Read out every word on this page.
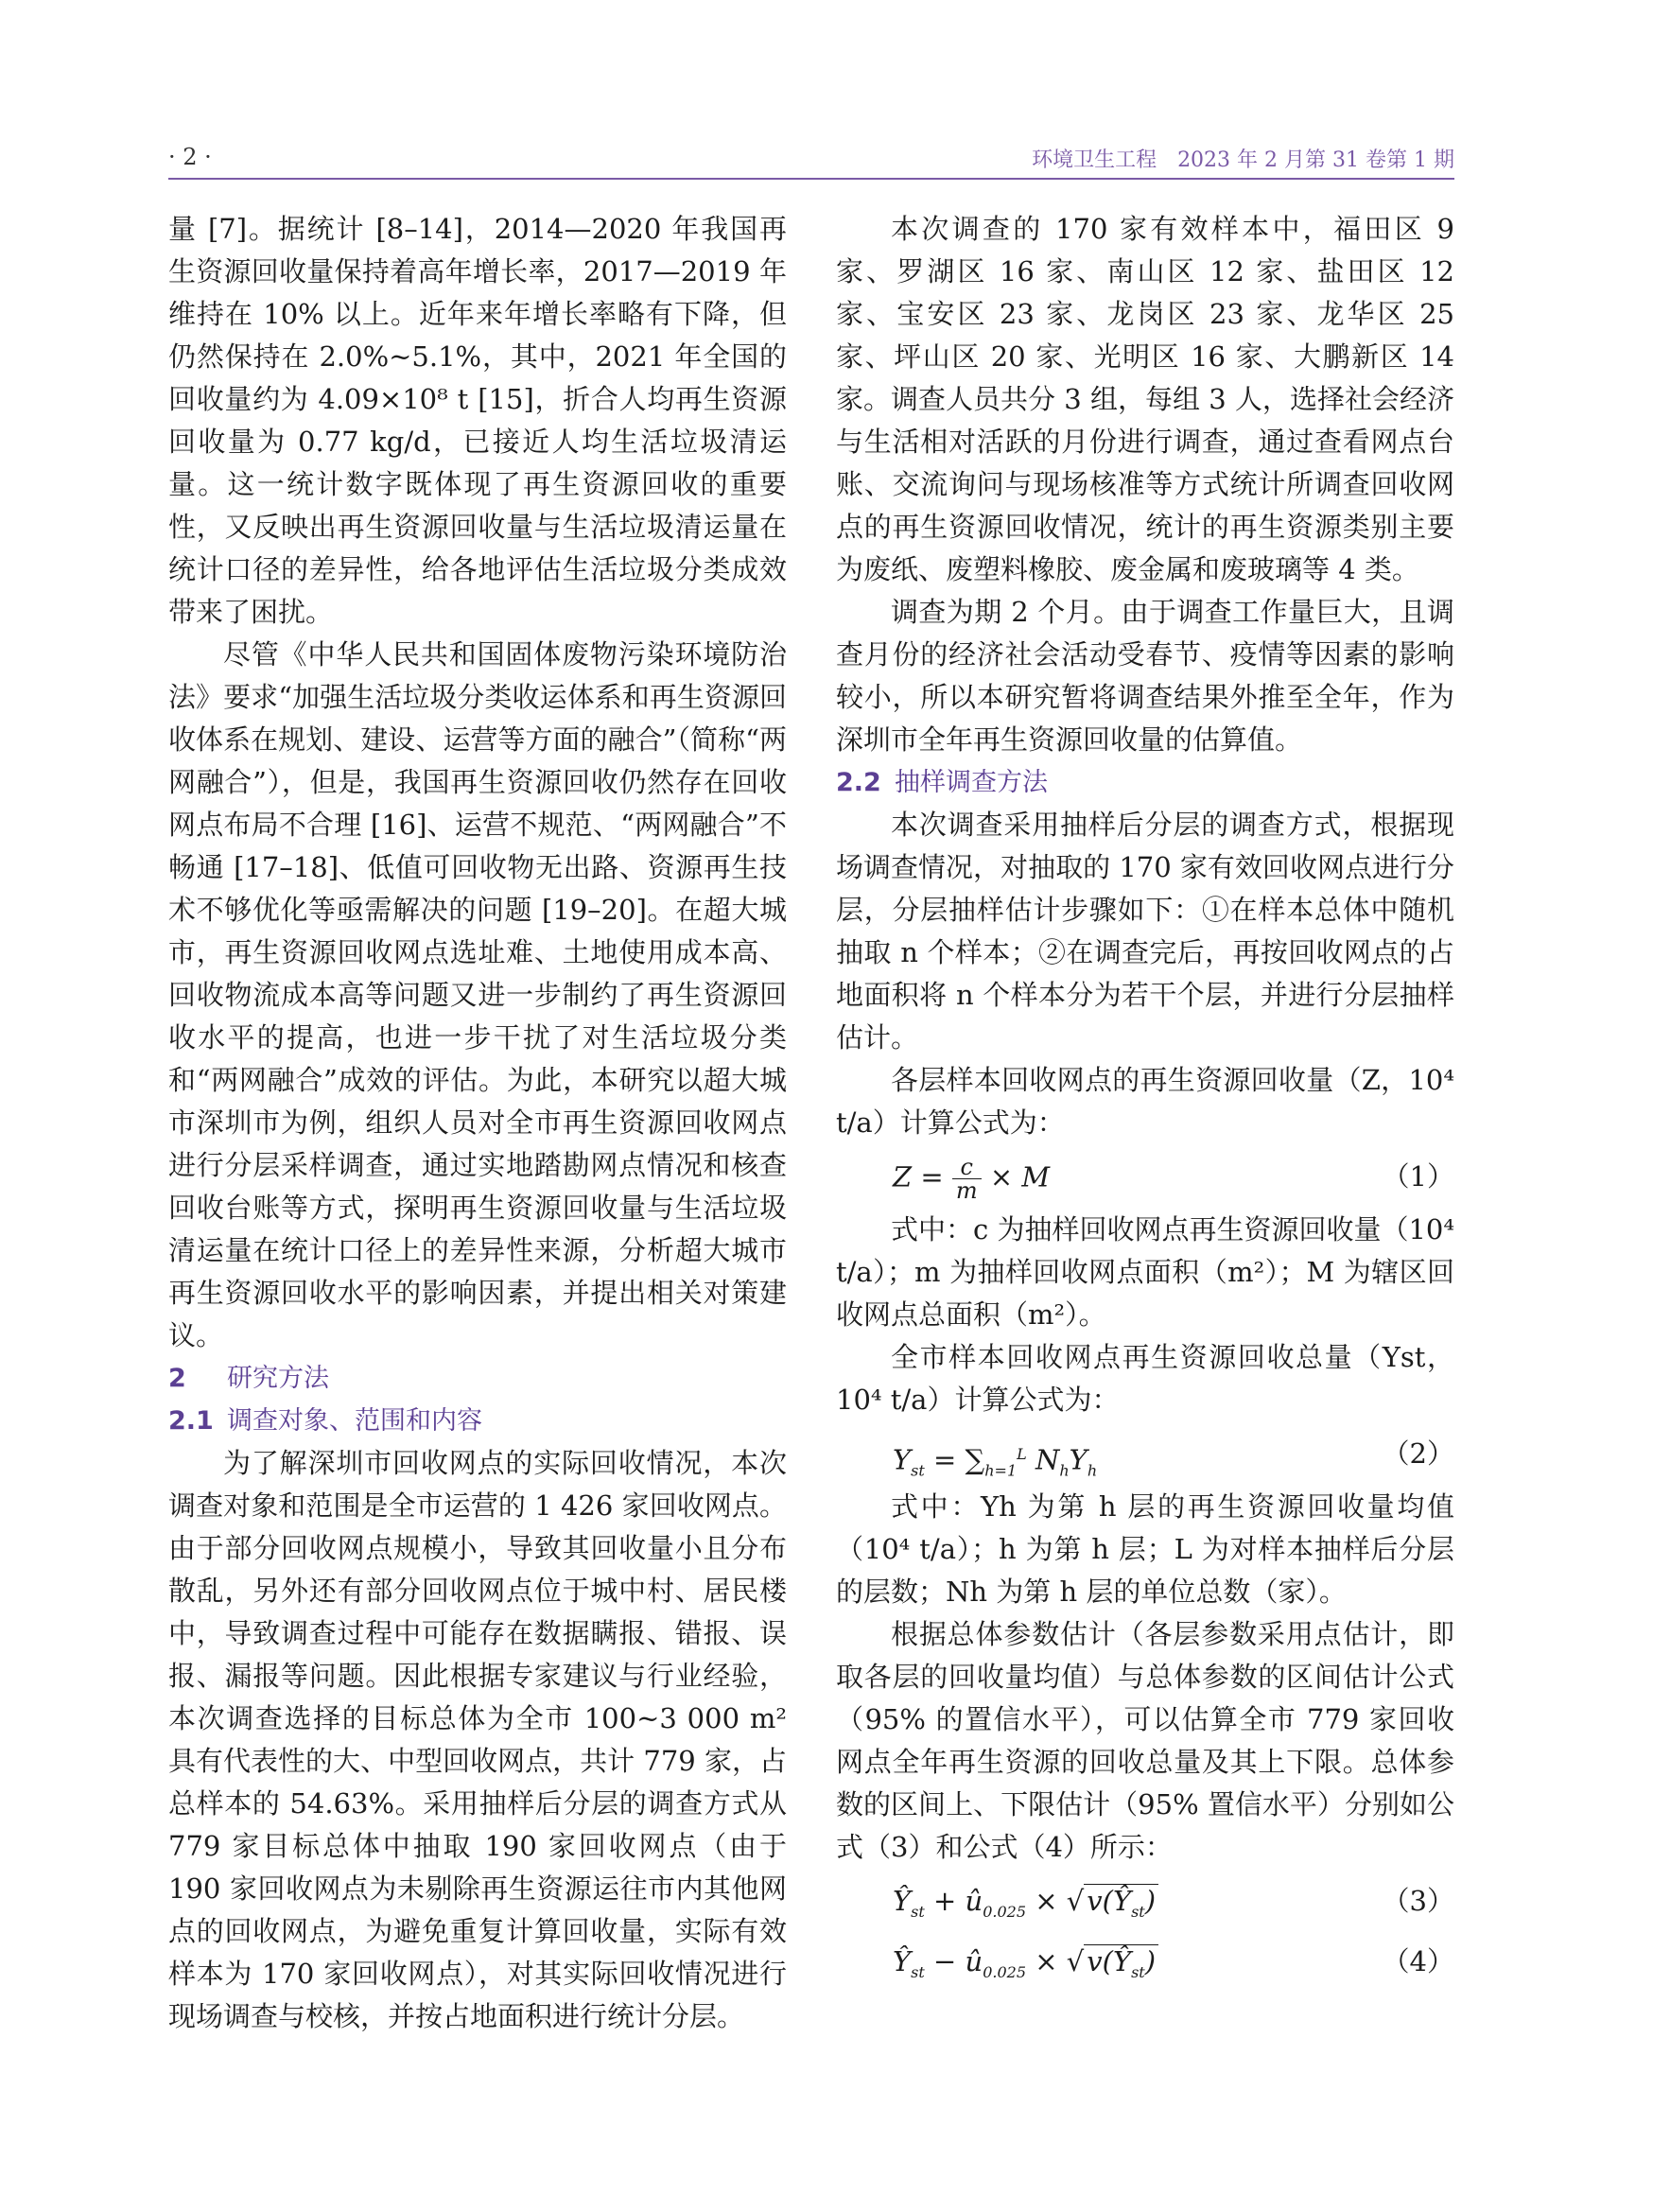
· 2 ·	环境卫生工程　2023 年 2 月第 31 卷第 1 期

量 [7]。据统计 [8–14]，2014—2020 年我国再生资源回收量保持着高年增长率，2017—2019 年维持在 10% 以上。近年来年增长率略有下降，但仍然保持在 2.0%~5.1%，其中，2021 年全国的回收量约为 4.09×10⁸ t [15]，折合人均再生资源回收量为 0.77 kg/d，已接近人均生活垃圾清运量。这一统计数字既体现了再生资源回收的重要性，又反映出再生资源回收量与生活垃圾清运量在统计口径的差异性，给各地评估生活垃圾分类成效带来了困扰。

尽管《中华人民共和国固体废物污染环境防治法》要求“加强生活垃圾分类收运体系和再生资源回收体系在规划、建设、运营等方面的融合”（简称“两网融合”），但是，我国再生资源回收仍然存在回收网点布局不合理 [16]、运营不规范、“两网融合”不畅通 [17–18]、低值可回收物无出路、资源再生技术不够优化等亟需解决的问题 [19–20]。在超大城市，再生资源回收网点选址难、土地使用成本高、回收物流成本高等问题又进一步制约了再生资源回收水平的提高，也进一步干扰了对生活垃圾分类和“两网融合”成效的评估。为此，本研究以超大城市深圳市为例，组织人员对全市再生资源回收网点进行分层采样调查，通过实地踏勘网点情况和核查回收台账等方式，探明再生资源回收量与生活垃圾清运量在统计口径上的差异性来源，分析超大城市再生资源回收水平的影响因素，并提出相关对策建议。

2 研究方法
2.1 调查对象、范围和内容

为了解深圳市回收网点的实际回收情况，本次调查对象和范围是全市运营的 1 426 家回收网点。由于部分回收网点规模小，导致其回收量小且分布散乱，另外还有部分回收网点位于城中村、居民楼中，导致调查过程中可能存在数据瞒报、错报、误报、漏报等问题。因此根据专家建议与行业经验，本次调查选择的目标总体为全市 100~3 000 m² 具有代表性的大、中型回收网点，共计 779 家，占总样本的 54.63%。采用抽样后分层的调查方式从 779 家目标总体中抽取 190 家回收网点（由于 190 家回收网点为未剔除再生资源运往市内其他网点的回收网点，为避免重复计算回收量，实际有效样本为 170 家回收网点），对其实际回收情况进行现场调查与校核，并按占地面积进行统计分层。

本次调查的 170 家有效样本中，福田区 9 家、罗湖区 16 家、南山区 12 家、盐田区 12 家、宝安区 23 家、龙岗区 23 家、龙华区 25 家、坪山区 20 家、光明区 16 家、大鹏新区 14 家。调查人员共分 3 组，每组 3 人，选择社会经济与生活相对活跃的月份进行调查，通过查看网点台账、交流询问与现场核准等方式统计所调查回收网点的再生资源回收情况，统计的再生资源类别主要为废纸、废塑料橡胶、废金属和废玻璃等 4 类。

调查为期 2 个月。由于调查工作量巨大，且调查月份的经济社会活动受春节、疫情等因素的影响较小，所以本研究暂将调查结果外推至全年，作为深圳市全年再生资源回收量的估算值。

2.2 抽样调查方法

本次调查采用抽样后分层的调查方式，根据现场调查情况，对抽取的 170 家有效回收网点进行分层，分层抽样估计步骤如下：①在样本总体中随机抽取 n 个样本；②在调查完后，再按回收网点的占地面积将 n 个样本分为若干个层，并进行分层抽样估计。

各层样本回收网点的再生资源回收量（Z，10⁴ t/a）计算公式为：

$Z = \frac{c}{m} \times M$	（1）

式中：c 为抽样回收网点再生资源回收量（10⁴ t/a）；m 为抽样回收网点面积（m²）；M 为辖区回收网点总面积（m²）。

全市样本回收网点再生资源回收总量（Yst，10⁴ t/a）计算公式为：

$Y_{st} = \sum_{h=1}^L$ $N_hY_h$
（2）

式中：Yh 为第 h 层的再生资源回收量均值（10⁴ t/a）；h 为第 h 层；L 为对样本抽样后分层的层数；Nh 为第 h 层的单位总数（家）。

根据总体参数估计（各层参数采用点估计，即取各层的回收量均值）与总体参数的区间估计公式（95% 的置信水平），可以估算全市 779 家回收网点全年再生资源的回收总量及其上下限。总体参数的区间上、下限估计（95% 置信水平）分别如公式（3）和公式（4）所示：

$Ŷ_{st}$ + $û_{0.025}$ × √ $v(Ŷ_{st})$	（3）
$Ŷ_{st}$ − $û_{0.025}$ × √ $v(Ŷ_{st})$	（4）
